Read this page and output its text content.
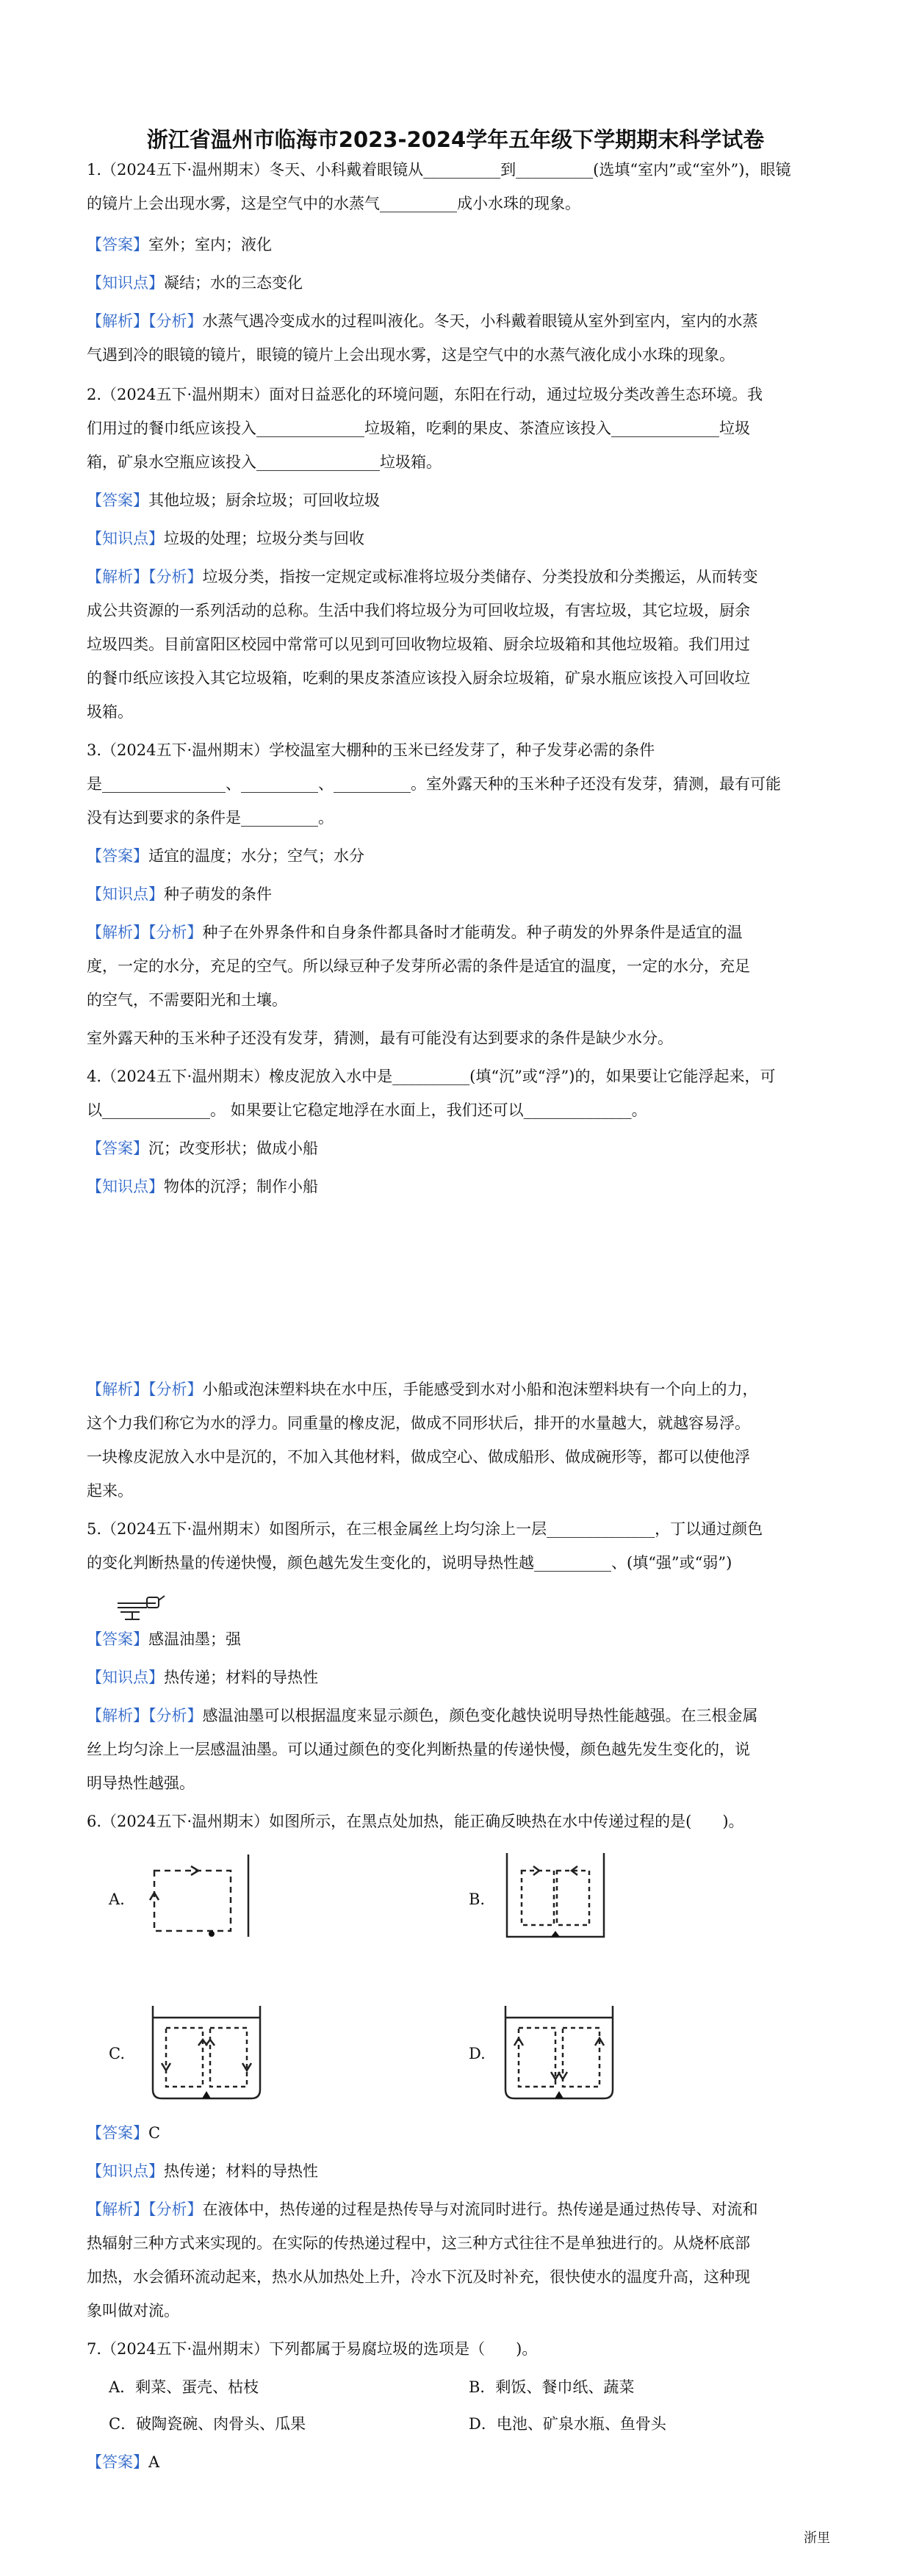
浙江省温州市临海市2023-2024学年五年级下学期期末科学试卷
1.（2024五下·温州期末）冬天、小科戴着眼镜从__________到__________(选填“室内”或“室外”)，眼镜
的镜片上会出现水雾，这是空气中的水蒸气__________成小水珠的现象。
【答案】室外；室内；液化
【知识点】凝结；水的三态变化
【解析】【分析】水蒸气遇冷变成水的过程叫液化。冬天，小科戴着眼镜从室外到室内，室内的水蒸
气遇到冷的眼镜的镜片，眼镜的镜片上会出现水雾，这是空气中的水蒸气液化成小水珠的现象。
2.（2024五下·温州期末）面对日益恶化的环境问题，东阳在行动，通过垃圾分类改善生态环境。我
们用过的餐巾纸应该投入______________垃圾箱，吃剩的果皮、茶渣应该投入______________垃圾
箱，矿泉水空瓶应该投入________________垃圾箱。
【答案】其他垃圾；厨余垃圾；可回收垃圾
【知识点】垃圾的处理；垃圾分类与回收
【解析】【分析】垃圾分类，指按一定规定或标准将垃圾分类储存、分类投放和分类搬运，从而转变
成公共资源的一系列活动的总称。生活中我们将垃圾分为可回收垃圾，有害垃圾，其它垃圾，厨余
垃圾四类。目前富阳区校园中常常可以见到可回收物垃圾箱、厨余垃圾箱和其他垃圾箱。我们用过
的餐巾纸应该投入其它垃圾箱，吃剩的果皮茶渣应该投入厨余垃圾箱，矿泉水瓶应该投入可回收垃
圾箱。
3.（2024五下·温州期末）学校温室大棚种的玉米已经发芽了，种子发芽必需的条件
是________________、__________、__________。室外露天种的玉米种子还没有发芽，猜测，最有可能
没有达到要求的条件是__________。
【答案】适宜的温度；水分；空气；水分
【知识点】种子萌发的条件
【解析】【分析】种子在外界条件和自身条件都具备时才能萌发。种子萌发的外界条件是适宜的温
度，一定的水分，充足的空气。所以绿豆种子发芽所必需的条件是适宜的温度，一定的水分，充足
的空气，不需要阳光和土壤。
室外露天种的玉米种子还没有发芽，猜测，最有可能没有达到要求的条件是缺少水分。
4.（2024五下·温州期末）橡皮泥放入水中是__________(填“沉”或“浮”)的，如果要让它能浮起来，可
以______________。 如果要让它稳定地浮在水面上，我们还可以______________。
【答案】沉；改变形状；做成小船
【知识点】物体的沉浮；制作小船
【解析】【分析】小船或泡沫塑料块在水中压，手能感受到水对小船和泡沫塑料块有一个向上的力，
这个力我们称它为水的浮力。同重量的橡皮泥，做成不同形状后，排开的水量越大，就越容易浮。
一块橡皮泥放入水中是沉的，不加入其他材料，做成空心、做成船形、做成碗形等，都可以使他浮
起来。
5.（2024五下·温州期末）如图所示，在三根金属丝上均匀涂上一层______________，丁以通过颜色
的变化判断热量的传递快慢，颜色越先发生变化的，说明导热性越__________、(填“强”或“弱”)
【答案】感温油墨；强
【知识点】热传递；材料的导热性
【解析】【分析】感温油墨可以根据温度来显示颜色，颜色变化越快说明导热性能越强。在三根金属
丝上均匀涂上一层感温油墨。可以通过颜色的变化判断热量的传递快慢，颜色越先发生变化的，说
明导热性越强。
6.（2024五下·温州期末）如图所示，在黑点处加热，能正确反映热在水中传递过程的是(　　)。
A.	B.
C.	D.
【答案】C
【知识点】热传递；材料的导热性
【解析】【分析】在液体中，热传递的过程是热传导与对流同时进行。热传递是通过热传导、对流和
热辐射三种方式来实现的。在实际的传热递过程中，这三种方式往往不是单独进行的。从烧杯底部
加热，水会循环流动起来，热水从加热处上升，冷水下沉及时补充，很快使水的温度升高，这种现
象叫做对流。
7.（2024五下·温州期末）下列都属于易腐垃圾的选项是（　　)。
A．剩菜、蛋壳、枯枝	B．剩饭、餐巾纸、蔬菜
C．破陶瓷碗、肉骨头、瓜果	D．电池、矿泉水瓶、鱼骨头
【答案】A
浙里
